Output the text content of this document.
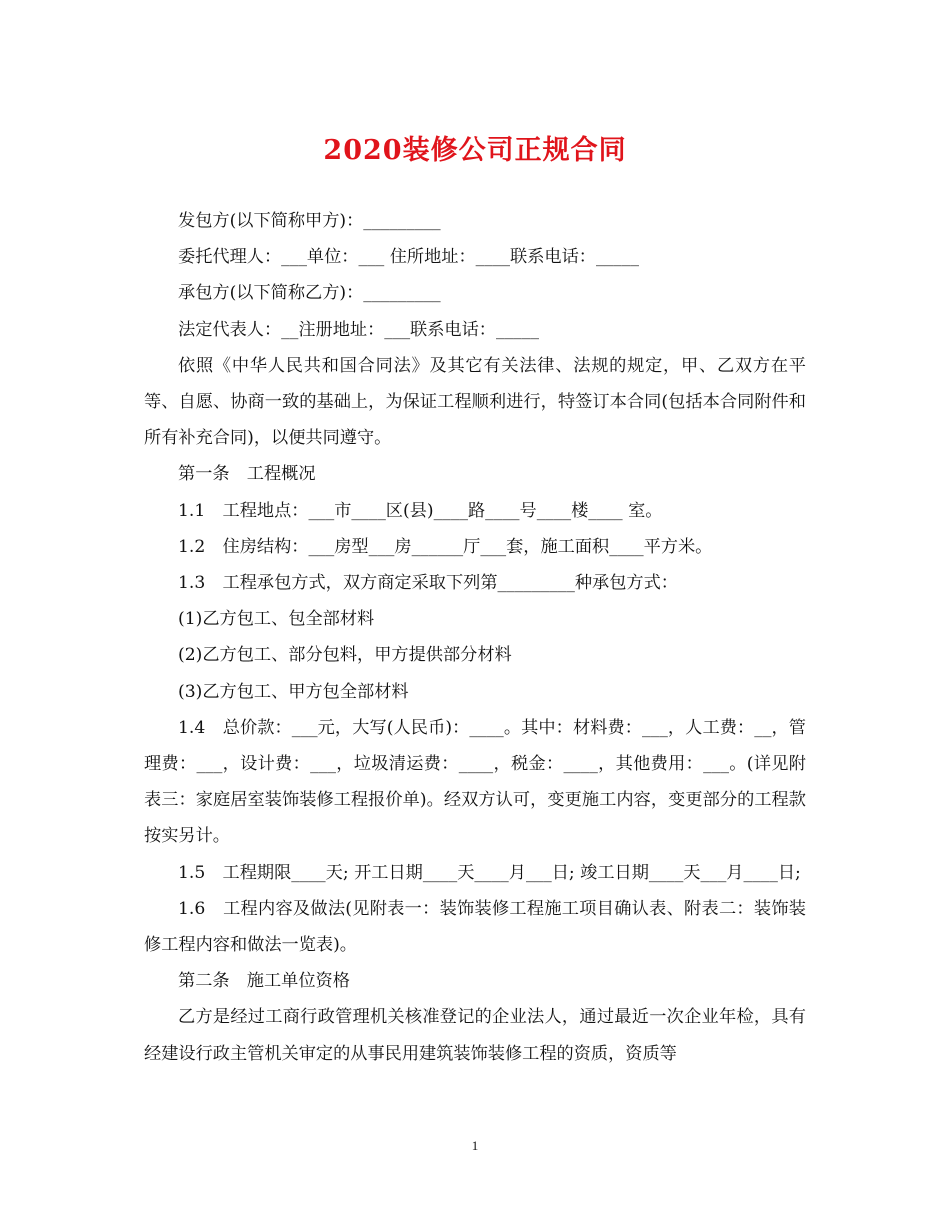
2020装修公司正规合同

发包方(以下简称甲方)：_________

委托代理人：___单位：___ 住所地址：____联系电话：_____

承包方(以下简称乙方)：_________

法定代表人：__注册地址：___联系电话：_____

依照《中华人民共和国合同法》及其它有关法律、法规的规定，甲、乙双方在平等、自愿、协商一致的基础上，为保证工程顺利进行，特签订本合同(包括本合同附件和所有补充合同)，以便共同遵守。

第一条　工程概况

1.1　工程地点：___市____区(县)____路____号____楼____ 室。

1.2　住房结构：___房型___房______厅___套，施工面积____平方米。

1.3　工程承包方式，双方商定采取下列第_________种承包方式：

(1)乙方包工、包全部材料

(2)乙方包工、部分包料，甲方提供部分材料

(3)乙方包工、甲方包全部材料

1.4　总价款：___元，大写(人民币)：____。其中：材料费：___，人工费：__，管理费：___，设计费：___，垃圾清运费：____，税金：____，其他费用：___。(详见附表三：家庭居室装饰装修工程报价单)。经双方认可，变更施工内容，变更部分的工程款按实另计。

1.5　工程期限____天; 开工日期____天____月___日; 竣工日期____天___月____日;

1.6　工程内容及做法(见附表一：装饰装修工程施工项目确认表、附表二：装饰装修工程内容和做法一览表)。

第二条　施工单位资格

乙方是经过工商行政管理机关核准登记的企业法人，通过最近一次企业年检，具有经建设行政主管机关审定的从事民用建筑装饰装修工程的资质，资质等

1
